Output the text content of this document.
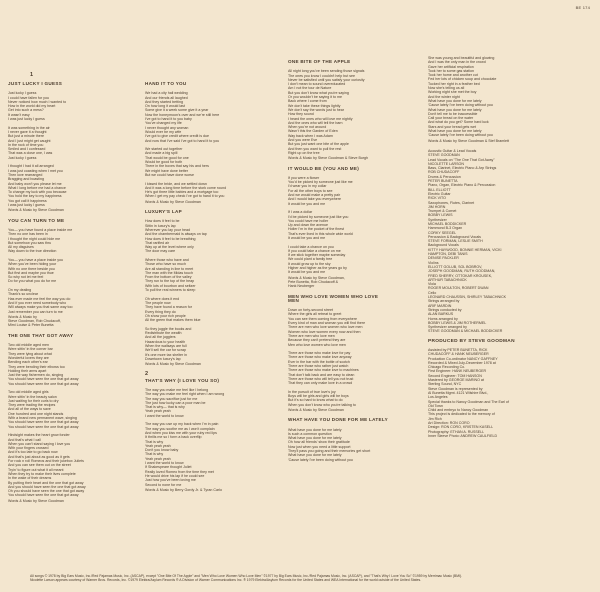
BE 174
1
JUST LUCKY I GUESS
Just lucky I guess
I could have fallen for you
Never noticed how much I wanted to
How in the world did my heart
Get into such a mess?
It wasn't easy
I was just lucky I guess

It was something in the air
I never gave it a thought
But just a minute there
And I just might get caught
In the rock of time you
Smiled and I confessed
That was a close one, I was
Just lucky I guess

I thought I had it all arranged
I was just coasting when I met you
Then love rearranged
Bragging and boasting
And baby won't you please let me
What I long before me had a chance
To change my luck with you because
You hold the key to my happiness
You got call it happiness
I was just lucky I guess
Words & Music by Steve Goodman
YOU CAN TURN TO ME
You— you have found a place inside me
Then no one has been in
I thought the night could hide me
But somehow you saw thru
All my disguises
Way down to the true direction

You— you have a place inside you
When you've been hiding your
With no one there beside you
But first and maybe you thue
So why not let me feel
Do for you what you do for me

On my dealing
Thank's so unclear
Has ever made me feel the way you do
And if you ever need somebody who
Will always make you that same way too
Just remember you can turn to me
Words & Music by
Steve Goodman, Rob Chudacoff,
Mimi Louise & Peter Bunetta
THE ONE THAT GOT AWAY
Two old middle aged men
Were sittin' in the corner bar
They were lying about what
Wonderful lovers they are
Bending each other's ear
They were bending their elbows too
Holding their arms apart
Just the way fishermen do, singing
You should have seen the one that got away
You should have seen the one that got away

Two old middle aged girls
Were sittin' in the beauty salon
Just waiting for their curls to dry
They were trading the recipes
And all of the ways to save
One hundred and one night stands
With a brand new permanent wave, singing
You should have seen the one that got away
You should have seen the one that got away

Hindsight makes the heart grow fonder
And that's what I call
When you can't stand saying I love you
With your fingers crossed
And it's too late to go back now
And that's just about as good as it gets
For rock n roll Romeos and their jukebox Juliets
And you can see them out on the street
Tryin' to figure out what it all meant
When they try to make their lives complete
In the wake of their dreams
By putting their heart and the one that got away
And you should have seen the one that got away
Oh you should have seen the one that got away
You should have seen the one that got away
Words & Music by Steve Goodman
HAND IT TO YOU
We had a city hall wedding
And our friends all laughed
And they started betting
On how long it would last
Some give it a week some give it a year
Now the honeymoon's over and we're still here
I've got to hand it to you baby
You've changed my life
I never thought any woman
Would ever be my wife
I've got to give credit where credit is due
And now that I've said I've got to hand it to you

We started out together
And made a big spill
That would be good for one
Would be good for both
There in the boxes that say his and hers
We might have done better
But we could have done worse

I kissed the bride, and we settled down
And it was a long time before the stork come round
He's got three little babies and a mortgage too
When I get my pay check I've got to hand it to you
Words & Music by Steve Goodman
LUXURY'S LAP
How does it feel to be
Sittin in luxury's lap
Wherever you lay your head
And the chambermaid is always on tap
How does it feel to be breathing
That rarified air
Way up at the level where only
The door may care

Where those who have and
Those who have so much
Are all standing in line to meet
The man with the Midas touch
From the bottom of the valley
They run to the top of the heap
With lots of bourbon and seltzer
To pull the real winners to sleep

Oh where does it end
The people now
They have found a reason for
Every thing they do
Oh show your rich people
All the green that makes them blue

So they juggle the books and
Redistribute the wealth
And all the jugglers
Hazardous to your health
When the wallsays are full
We'll sell the car for scrap
It's one more tax shelter in
Downtown luxury's lap
Words & Music by Steve Goodman
2
THAT'S WHY (I LOVE YOU SO)
The way you make me feel like I belong
The way you make me feel right when I am wrong
The way you sacrifice just for me
The just how lucky can a poor man be
That is why— that is why
Yeah yeah yeah
I want the world to know

The way you use up my back when I'm in pain
The way you soothe me as I won't complain
And when you kiss me with your ruby red lips
It thrills me so I form a back overflip
That is why
Yeah yeah yeah
Don't you know baby
That is why
Yeah yeah yeah
I want the world to know
If Shakespeare thought Juliet
Really loved Romeo from the time they met
He would drive his lap if he could see
Just how you've been loving me
Second to none for me
Words & Music by Berry Gordy Jr. & Tyran Carlo
ONE BITE OF THE APPLE
All night long you've been sending those signals
The ones you know I couldn't help but see
Never be satisfied until you satisfy your curiosity
I don't mean to sound overeducated
Am I not the tour de Nature
But you don't know what you're saying
Or you wouldn't be saying it to me
Back where I come from
We don't take these things lightly
We don't say the words just to hear
How they sound
I heard the ones who will love me nightly
And the ones who will tell the barn
When you're not around
Wasn't this the Garden of Eden
Way back when I was Adam
And you were Eve
But you just want one bite of the apple
And then you want to pull the rest
Right up on the tree
Words & Music by Steve Goodman & Steve Burgh
IT WOULD BE (YOU AND ME)
If you were a flower
You'd be picked by someone just like me
I'd wear you in my collar
For all the other boys to see
And we would make a pretty pair
And I would take you everywhere
It would be you and me

If I was a dollar
I'd be picked by someone just like you
You could have me holler
Up and down the avenue
Holler I'm in the pocket of the finest
That's ever lived in this whole wide world
It would be you and me

I could take a chance on you
If you could take a chance on me
If we stick together maybe someday
We could plant a family tree
It would grow up to the sky
Higher and higher as the years go by
It would be you and me
Words & Music by Steve Goodman,
Pete Bunetta, Rob Chudacoff &
Hank Neuberger
MEN WHO LOVE WOMEN WHO LOVE MEN
Down on forty-second street
Where the girls all retreat to greet
You can see them coming from everywhere
Every kind of man and woman you will find there
There are men who love women who love men
Women who love women every now and then
There are men who love men
Because they can't pretend they are
Men who love women who love men

There are those who make love for pay
There are those who make love anyway
Ever in the bar with the bottle of scotch
There are those who rather just watch
There are those who make love to machines
That don't talk back and are easy to clean
There are those who will tell you not trust
That they can only make love in a crowd

In the pursuit of true love's joy
Boys will be girls and girls will be boys
But it's so hard to know what to do
When you don't know who you're talking to
Words & Music by Steve Goodman
WHAT HAVE YOU DONE FOR ME LATELY
What have you done for me lately
Is such a common question
What have you done for me lately
Oh how all friends' show their gratitude
Now just when you need a little support
They'll pass you going and their memories get short
What have you done for me lately
'Cause lately I've been doing without you
She was young and beautiful and glowing
And I was the only man in the crowd
Gave her artificial respiration
Took her to some gas station
Took her home and another cut
Fed her lots of chicken soup and chocolate
Tucked her right in a feather bed
Now she's telling us all
Working night she met the boy
And the winter night
What have you done for me lately
'Cause lately I've been doing without you
What have you done for me lately
Don't tell me to be inaccessible
Call your bread on the water
And what do you get? Some hard luck
Stars and your bread gets wet
What have you done for me lately
'Cause lately I've been doing without you
Words & Music by Steve Goodman & Stef Bramlett
Acoustic Guitar & Lead Vocals
STEVE GOODMAN
Lead Vocals on "The One That Got Away"
NICOLETTE LARSON
Bass, Clarinet, Electric Piano & Arp Strings
ROB CHUDACOFF
Drums & Percussion
PETER BUNETTA
Piano, Organ, Electric Piano & Percussion
BILL ELLIOTT
Electric Guitar
RICK VITO
Saxophones, Flutes, Clarinet
JIM HORN
Trumpet & Cornet
BOBBY LEWIS
Synthesizer
MICHAEL BODDICKER
Hammond B-3 Organ
CORKY SEEGEL
Percussion & Background Vocals
STEVE FORMAN, LESLIE SMITH
Background Vocals
KITTY HAYWOOD, BONNIE HERMAN, VICKI
HAMPTON, DEBI TANIS
DENISE PACKLER
Violins
ELLIOTT GOLUB, SOL BOBROV,
JOSEPH GOODMAN, RUTH GOODMAN,
FRED SHERRY, OTTOKAR KROUSEK,
ARTHUR TABACHNICK
Viola
ROGER MOULTON, ROBERT DWAN
Cello
LEONARD CHAUSSIN, SHIRLEY TABACHNICK
Strings arranged by
ARIF MARDIN
Strings conducted by
ALAN BARKUS
Horns arranged by
BOBBY LEWIS & JIM ROTHERMEL
Synthesizer arranged by
STEVE GOODMAN & MICHAEL BODDICKER
PRODUCED BY STEVE GOODMAN
Assisted by PETER BUNETTA, RICK
CHUDACOFF & HANK NEUBERGER
Production Co-ordinator NANCY GAFFNEY
Recorded & Mixed July-December 1978 at
Chicago Recording Co.
First Engineer: HANK NEUBERGER
Second Engineer: TOM HANSON
Mastered by GEORGE MARINO at
Sterling Sound, NYC
Steve Goodman is represented by
Al Bunetta Mgmt. 4121 Wilshire Blvd.,
Los Angeles
Special thanks to Nancy Goodman and The Earl of
Old Town
Child and embryo to Nancy Goodman
This project is dedicated to the memory of
Jim Rich
Art Direction: RON CORO
Design: RON CORO, KRISTEN KASELL
Photography: ETHAN A. RUSSELL
Inner Sleeve Photo: ANDREW CAULFIELD
All songs © 1978 by Big Ears Music, Inc./Red Pajamas Music, Inc. (ASCAP), except "One Bite Of The Apple" and "Men Who Love Women Who Love Men" ©1977 by Big Ears Music, Inc./Red Pajamas Music, Inc. (ASCAP), and "That's Why I Love You So" ©1959 by Merrimac Music (BMI).
Nicolette Larson appears courtesy of Warner Bros. Records, Inc. ©1979 Elektra/Asylum Records ® A Division of Warner Communications Inc. ® 1979 Elektra/Asylum Records for the United States and WEA International for the world outside of the United States.
